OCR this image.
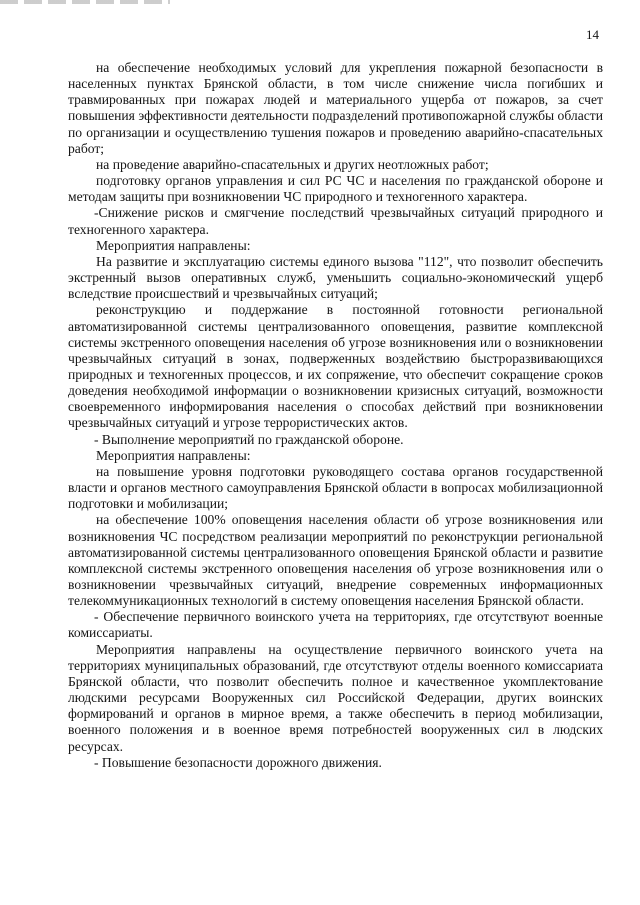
14

на обеспечение необходимых условий для укрепления пожарной безопасности в населенных пунктах Брянской области, в том числе снижение числа погибших и травмированных при пожарах людей и материального ущерба от пожаров, за счет повышения эффективности деятельности подразделений противопожарной службы области по организации и осуществлению тушения пожаров и проведению аварийно-спасательных работ;

на проведение аварийно-спасательных и других неотложных работ;

подготовку органов управления и сил РС ЧС и населения по гражданской обороне и методам защиты при возникновении ЧС природного и техногенного характера.

-Снижение рисков и смягчение последствий чрезвычайных ситуаций природного и техногенного характера.

Мероприятия направлены:

На развитие и эксплуатацию системы единого вызова "112", что позволит обеспечить экстренный вызов оперативных служб, уменьшить социально-экономический ущерб вследствие происшествий и чрезвычайных ситуаций;

реконструкцию и поддержание в постоянной готовности региональной автоматизированной системы централизованного оповещения, развитие комплексной системы экстренного оповещения населения об угрозе возникновения или о возникновении чрезвычайных ситуаций в зонах, подверженных воздействию быстроразвивающихся природных и техногенных процессов, и их сопряжение, что обеспечит сокращение сроков доведения необходимой информации о возникновении кризисных ситуаций, возможности своевременного информирования населения о способах действий при возникновении чрезвычайных ситуаций и угрозе террористических актов.

- Выполнение мероприятий по гражданской обороне.

Мероприятия направлены:

на повышение уровня подготовки руководящего состава органов государственной власти и органов местного самоуправления Брянской области в вопросах мобилизационной подготовки и мобилизации;

на обеспечение 100% оповещения населения области об угрозе возникновения или возникновения ЧС посредством реализации мероприятий по реконструкции региональной автоматизированной системы централизованного оповещения Брянской области и развитие комплексной системы экстренного оповещения населения об угрозе возникновения или о возникновении чрезвычайных ситуаций, внедрение современных информационных телекоммуникационных технологий в систему оповещения населения Брянской области.

- Обеспечение первичного воинского учета на территориях, где отсутствуют военные комиссариаты.

Мероприятия направлены на осуществление первичного воинского учета на территориях муниципальных образований, где отсутствуют отделы военного комиссариата Брянской области, что позволит обеспечить полное и качественное укомплектование людскими ресурсами Вооруженных сил Российской Федерации, других воинских формирований и органов в мирное время, а также обеспечить в период мобилизации, военного положения и в военное время потребностей вооруженных сил в людских ресурсах.

- Повышение безопасности дорожного движения.
